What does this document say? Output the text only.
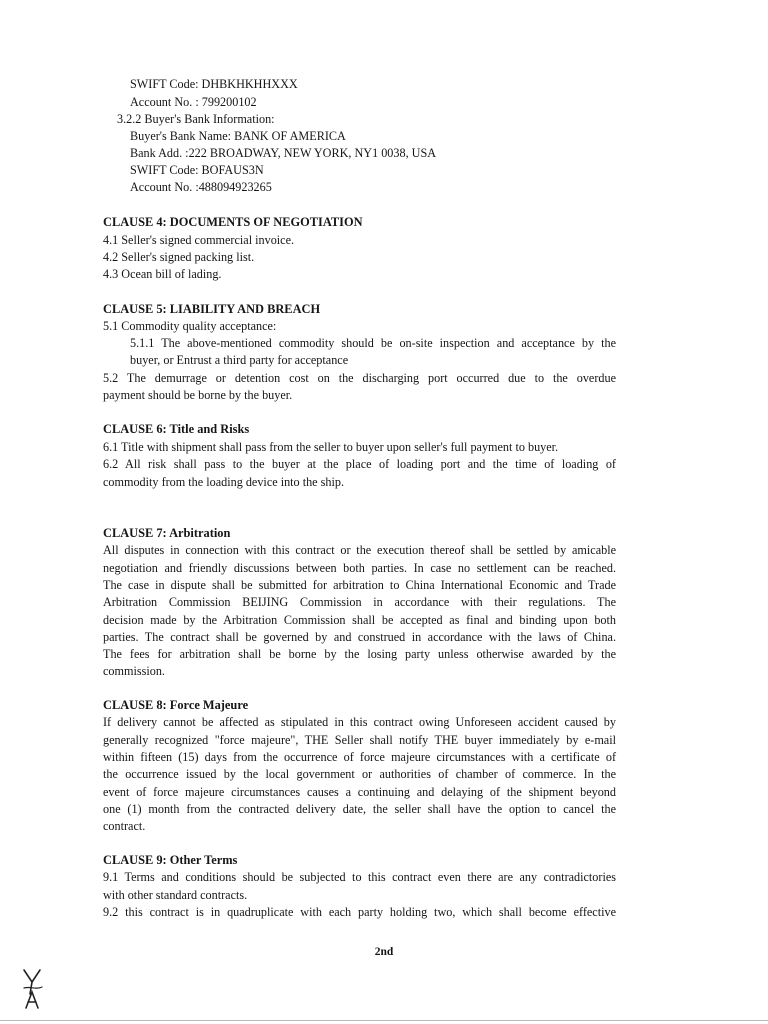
SWIFT Code: DHBKHKHHXXX
Account No. : 799200102
3.2.2 Buyer's Bank Information:
Buyer's Bank Name: BANK OF AMERICA
Bank Add. :222 BROADWAY, NEW YORK, NY1 0038, USA
SWIFT Code: BOFAUS3N
Account No. :488094923265
CLAUSE 4: DOCUMENTS OF NEGOTIATION
4.1 Seller's signed commercial invoice.
4.2 Seller's signed packing list.
4.3 Ocean bill of lading.
CLAUSE 5: LIABILITY AND BREACH
5.1 Commodity quality acceptance:
5.1.1 The above-mentioned commodity should be on-site inspection and acceptance by the
buyer, or Entrust a third party for acceptance
5.2 The demurrage or detention cost on the discharging port occurred due to the overdue
payment should be borne by the buyer.
CLAUSE 6: Title and Risks
6.1 Title with shipment shall pass from the seller to buyer upon seller's full payment to buyer.
6.2 All risk shall pass to the buyer at the place of loading port and the time of loading of
commodity from the loading device into the ship.
CLAUSE 7: Arbitration
All disputes in connection with this contract or the execution thereof shall be settled by amicable
negotiation and friendly discussions between both parties. In case no settlement can be reached.
The case in dispute shall be submitted for arbitration to China International Economic and Trade
Arbitration Commission BEIJING Commission in accordance with their regulations. The
decision made by the Arbitration Commission shall be accepted as final and binding upon both
parties. The contract shall be governed by and construed in accordance with the laws of China.
The fees for arbitration shall be borne by the losing party unless otherwise awarded by the
commission.
CLAUSE 8: Force Majeure
If delivery cannot be affected as stipulated in this contract owing Unforeseen accident caused by
generally recognized "force majeure", THE Seller shall notify THE buyer immediately by e-mail
within fifteen (15) days from the occurrence of force majeure circumstances with a certificate of
the occurrence issued by the local government or authorities of chamber of commerce. In the
event of force majeure circumstances causes a continuing and delaying of the shipment beyond
one (1) month from the contracted delivery date, the seller shall have the option to cancel the
contract.
CLAUSE 9: Other Terms
9.1 Terms and conditions should be subjected to this contract even there are any contradictories
with other standard contracts.
9.2 this contract is in quadruplicate with each party holding two, which shall become effective
2nd
